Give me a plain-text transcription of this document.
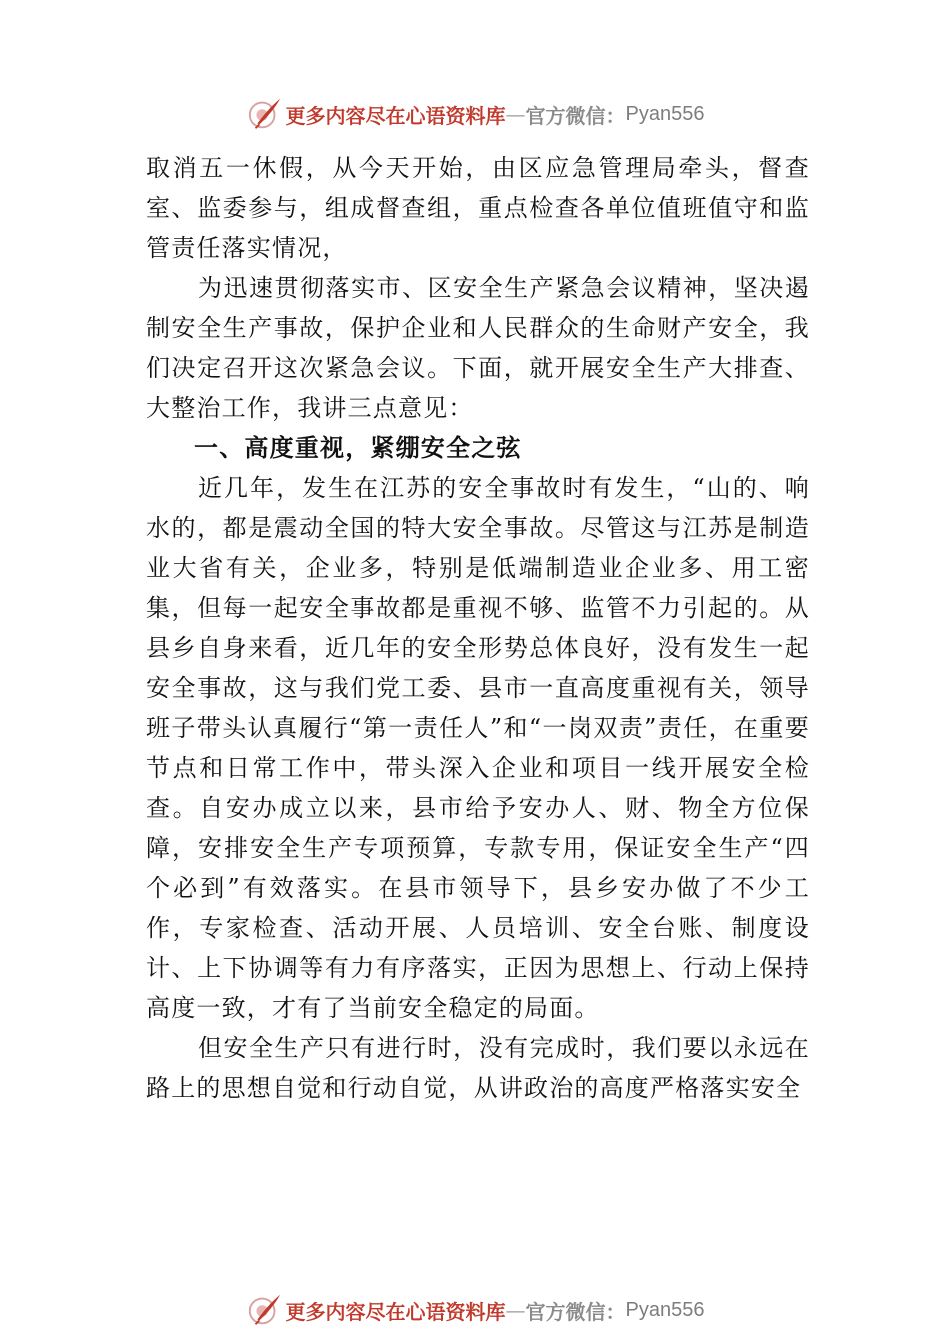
更多内容尽在心语资料库 — 官方微信： Pyan556

取消五一休假，从今天开始，由区应急管理局牵头，督查室、监委参与，组成督查组，重点检查各单位值班值守和监管责任落实情况，

为迅速贯彻落实市、区安全生产紧急会议精神，坚决遏制安全生产事故，保护企业和人民群众的生命财产安全，我们决定召开这次紧急会议。下面，就开展安全生产大排查、大整治工作，我讲三点意见：

一、高度重视，紧绷安全之弦

近几年，发生在江苏的安全事故时有发生，“山的、响水的，都是震动全国的特大安全事故。尽管这与江苏是制造业大省有关，企业多，特别是低端制造业企业多、用工密集，但每一起安全事故都是重视不够、监管不力引起的。从县乡自身来看，近几年的安全形势总体良好，没有发生一起安全事故，这与我们党工委、县市一直高度重视有关，领导班子带头认真履行“第一责任人”和“一岗双责”责任，在重要节点和日常工作中，带头深入企业和项目一线开展安全检查。自安办成立以来，县市给予安办人、财、物全方位保障，安排安全生产专项预算，专款专用，保证安全生产“四个必到”有效落实。在县市领导下，县乡安办做了不少工作，专家检查、活动开展、人员培训、安全台账、制度设计、上下协调等有力有序落实，正因为思想上、行动上保持高度一致，才有了当前安全稳定的局面。

但安全生产只有进行时，没有完成时，我们要以永远在路上的思想自觉和行动自觉，从讲政治的高度严格落实安全

更多内容尽在心语资料库 — 官方微信： Pyan556
